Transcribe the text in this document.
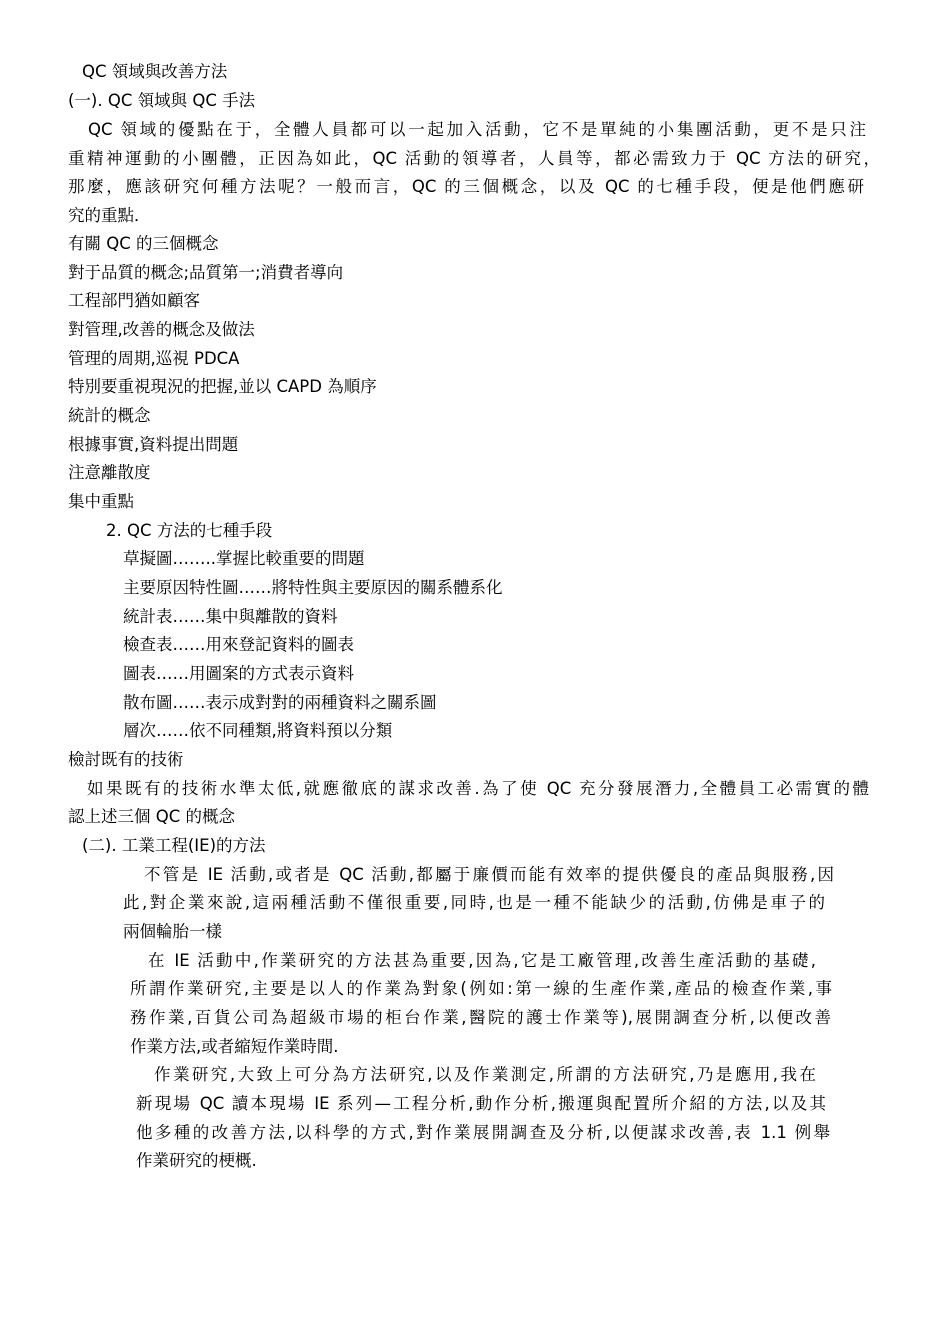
QC 領域與改善方法
(一). QC 領域與 QC 手法
QC 領域的優點在于，全體人員都可以一起加入活動，它不是單純的小集團活動，更不是只注
重精神運動的小團體，正因為如此，QC 活動的領導者，人員等，都必需致力于 QC 方法的研究，
那麼，應該研究何種方法呢？一般而言，QC 的三個概念，以及 QC 的七種手段，便是他們應研
究的重點．
有關 QC 的三個概念
對于品質的概念;品質第一;消費者導向
工程部門猶如顧客
對管理,改善的概念及做法
管理的周期,巡視 PDCA
特別要重視現況的把握,並以 CAPD 為順序
統計的概念
根據事實,資料提出問題
注意離散度
集中重點
2. QC 方法的七種手段
草擬圖……..掌握比較重要的問題
主要原因特性圖……將特性與主要原因的關系體系化
統計表……集中與離散的資料
檢查表……用來登記資料的圖表
圖表……用圖案的方式表示資料
散布圖……表示成對對的兩種資料之關系圖
層次……依不同種類,將資料預以分類
檢討既有的技術
如果既有的技術水準太低,就應徹底的謀求改善.為了使 QC 充分發展潛力,全體員工必需實的體
認上述三個 QC 的概念
(二). 工業工程(IE)的方法
不管是 IE 活動,或者是 QC 活動,都屬于廉價而能有效率的提供優良的產品與服務,因
此,對企業來說,這兩種活動不僅很重要,同時,也是一種不能缺少的活動,仿佛是車子的
兩個輪胎一樣
在 IE 活動中,作業研究的方法甚為重要,因為,它是工廠管理,改善生產活動的基礎,
所謂作業研究,主要是以人的作業為對象(例如:第一線的生產作業,產品的檢查作業,事
務作業,百貨公司為超級市場的柜台作業,醫院的護士作業等),展開調查分析,以便改善
作業方法,或者縮短作業時間.
作業研究,大致上可分為方法研究,以及作業測定,所謂的方法研究,乃是應用,我在
新現場 QC 讀本現場 IE 系列—工程分析,動作分析,搬運與配置所介紹的方法,以及其
他多種的改善方法,以科學的方式,對作業展開調查及分析,以便謀求改善,表 1.1 例舉
作業研究的梗概.
